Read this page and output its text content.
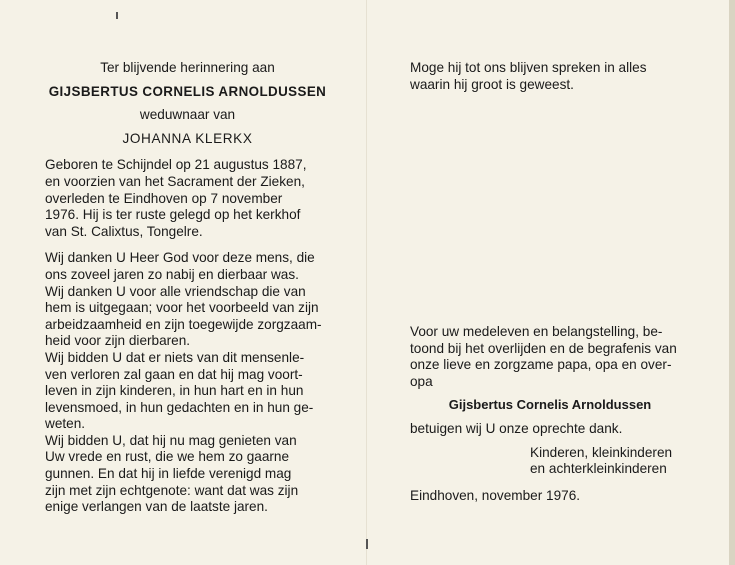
Ter blijvende herinnering aan

GIJSBERTUS CORNELIS ARNOLDUSSEN

weduwnaar van

JOHANNA KLERKX

Geboren te Schijndel op 21 augustus 1887,

en voorzien van het Sacrament der Zieken,

overleden te Eindhoven op 7 november

1976. Hij is ter ruste gelegd op het kerkhof

van St. Calixtus, Tongelre.

Wij danken U Heer God voor deze mens, die

ons zoveel jaren zo nabij en dierbaar was.

Wij danken U voor alle vriendschap die van

hem is uitgegaan; voor het voorbeeld van zijn

arbeidzaamheid en zijn toegewijde zorgzaam-

heid voor zijn dierbaren.

Wij bidden U dat er niets van dit mensenle-

ven verloren zal gaan en dat hij mag voort-

leven in zijn kinderen, in hun hart en in hun

levensmoed, in hun gedachten en in hun ge-

weten.

Wij bidden U, dat hij nu mag genieten van

Uw vrede en rust, die we hem zo gaarne

gunnen. En dat hij in liefde verenigd mag

zijn met zijn echtgenote: want dat was zijn

enige verlangen van de laatste jaren.

Moge hij tot ons blijven spreken in alles

waarin hij groot is geweest.

Voor uw medeleven en belangstelling, be-

toond bij het overlijden en de begrafenis van

onze lieve en zorgzame papa, opa en over-

opa

Gijsbertus Cornelis Arnoldussen

betuigen wij U onze oprechte dank.

Kinderen, kleinkinderen

en achterkleinkinderen

Eindhoven, november 1976.
